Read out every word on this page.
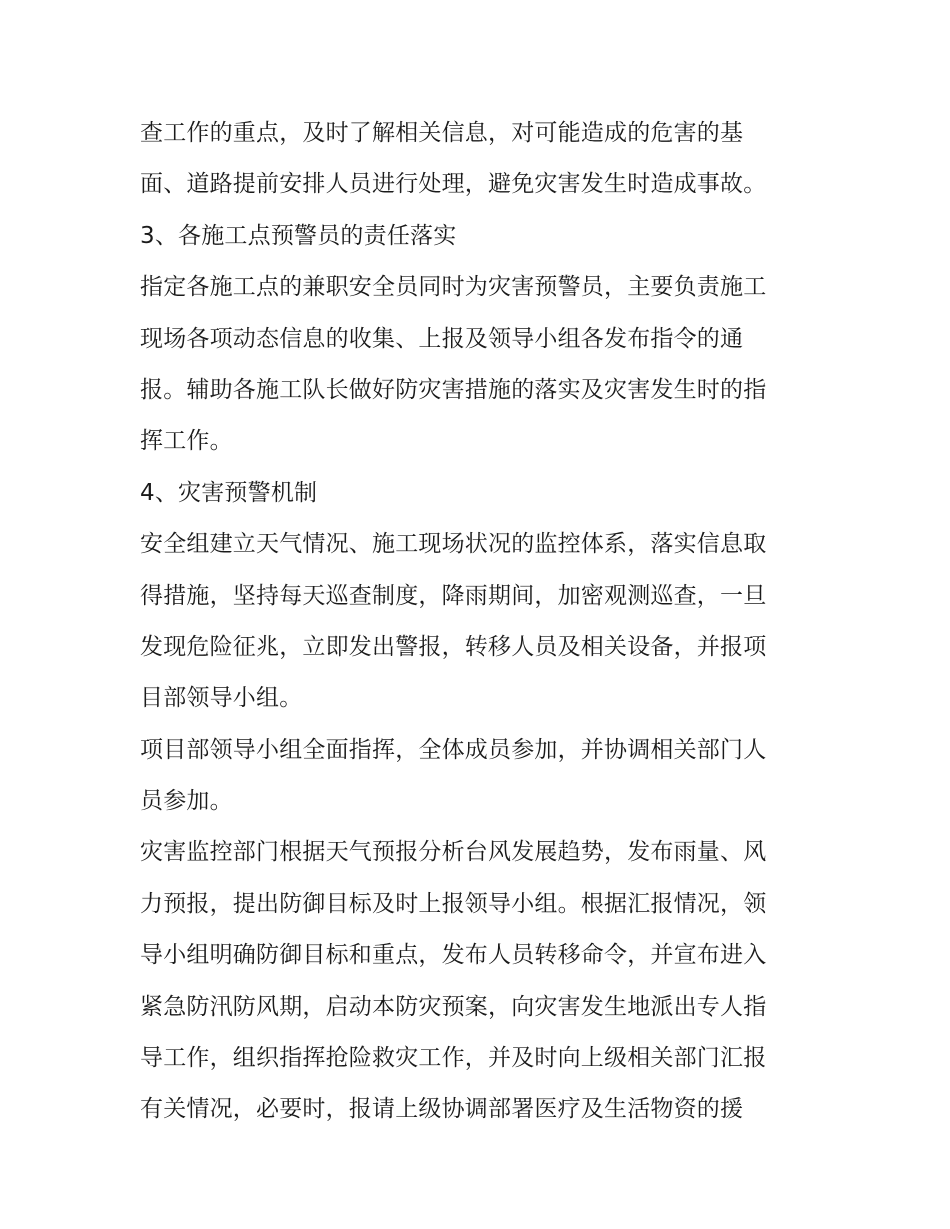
查工作的重点，及时了解相关信息，对可能造成的危害的基
面、道路提前安排人员进行处理，避免灾害发生时造成事故。
3、各施工点预警员的责任落实
指定各施工点的兼职安全员同时为灾害预警员，主要负责施工
现场各项动态信息的收集、上报及领导小组各发布指令的通
报。辅助各施工队长做好防灾害措施的落实及灾害发生时的指
挥工作。
4、灾害预警机制
安全组建立天气情况、施工现场状况的监控体系，落实信息取
得措施，坚持每天巡查制度，降雨期间，加密观测巡查，一旦
发现危险征兆，立即发出警报，转移人员及相关设备，并报项
目部领导小组。
项目部领导小组全面指挥，全体成员参加，并协调相关部门人
员参加。
灾害监控部门根据天气预报分析台风发展趋势，发布雨量、风
力预报，提出防御目标及时上报领导小组。根据汇报情况，领
导小组明确防御目标和重点，发布人员转移命令，并宣布进入
紧急防汛防风期，启动本防灾预案，向灾害发生地派出专人指
导工作，组织指挥抢险救灾工作，并及时向上级相关部门汇报
有关情况，必要时，报请上级协调部署医疗及生活物资的援
